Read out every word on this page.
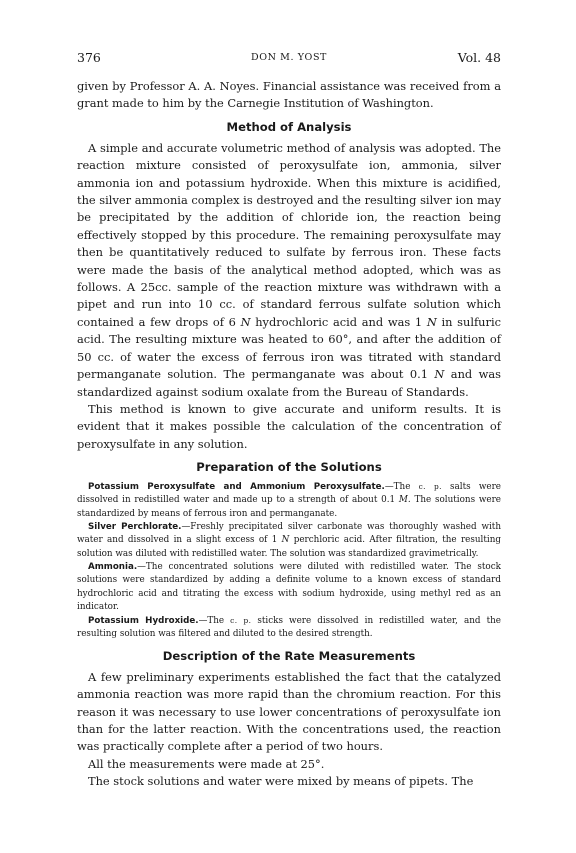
376	DON M. YOST	Vol. 48

given by Professor A. A. Noyes. Financial assistance was received from a grant made to him by the Carnegie Institution of Washington.

Method of Analysis

A simple and accurate volumetric method of analysis was adopted. The reaction mixture consisted of peroxysulfate ion, ammonia, silver ammonia ion and potassium hydroxide. When this mixture is acidified, the silver ammonia complex is destroyed and the resulting silver ion may be precipitated by the addition of chloride ion, the reaction being effectively stopped by this procedure. The remaining peroxysulfate may then be quantitatively reduced to sulfate by ferrous iron. These facts were made the basis of the analytical method adopted, which was as follows. A 25cc. sample of the reaction mixture was withdrawn with a pipet and run into 10 cc. of standard ferrous sulfate solution which contained a few drops of 6 N hydrochloric acid and was 1 N in sulfuric acid. The resulting mixture was heated to 60°, and after the addition of 50 cc. of water the excess of ferrous iron was titrated with standard permanganate solution. The permanganate was about 0.1 N and was standardized against sodium oxalate from the Bureau of Standards.

This method is known to give accurate and uniform results. It is evident that it makes possible the calculation of the concentration of peroxysulfate in any solution.

Preparation of the Solutions

Potassium Peroxysulfate and Ammonium Peroxysulfate.—The c. p. salts were dissolved in redistilled water and made up to a strength of about 0.1 M. The solutions were standardized by means of ferrous iron and permanganate.

Silver Perchlorate.—Freshly precipitated silver carbonate was thoroughly washed with water and dissolved in a slight excess of 1 N perchloric acid. After filtration, the resulting solution was diluted with redistilled water. The solution was standardized gravimetrically.

Ammonia.—The concentrated solutions were diluted with redistilled water. The stock solutions were standardized by adding a definite volume to a known excess of standard hydrochloric acid and titrating the excess with sodium hydroxide, using methyl red as an indicator.

Potassium Hydroxide.—The c. p. sticks were dissolved in redistilled water, and the resulting solution was filtered and diluted to the desired strength.

Description of the Rate Measurements

A few preliminary experiments established the fact that the catalyzed ammonia reaction was more rapid than the chromium reaction. For this reason it was necessary to use lower concentrations of peroxysulfate ion than for the latter reaction. With the concentrations used, the reaction was practically complete after a period of two hours.

All the measurements were made at 25°.

The stock solutions and water were mixed by means of pipets. The
